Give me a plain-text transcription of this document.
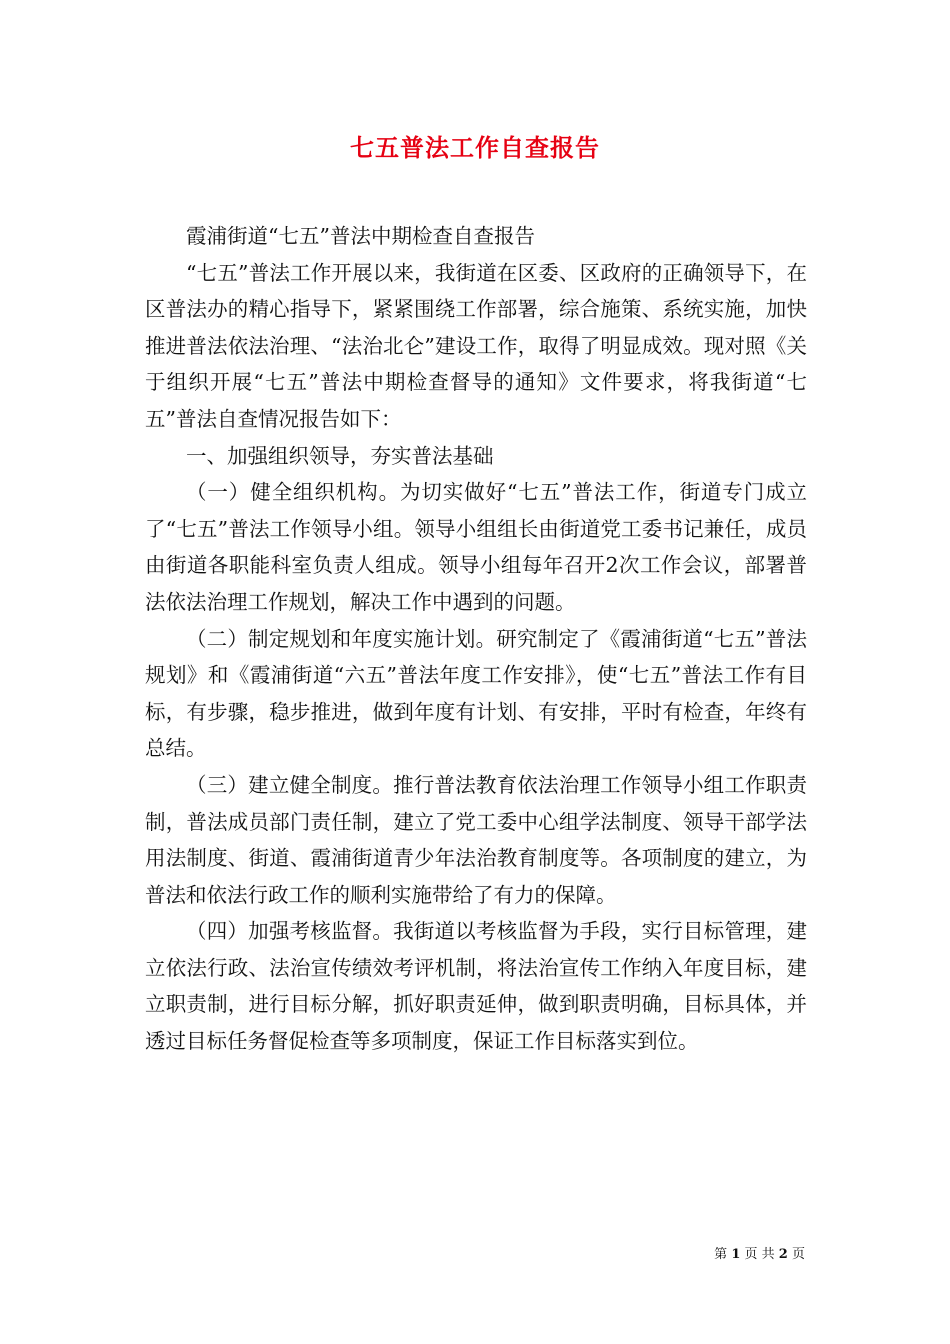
七五普法工作自查报告

霞浦街道“七五”普法中期检查自查报告

“七五”普法工作开展以来，我街道在区委、区政府的正确领导下，在区普法办的精心指导下，紧紧围绕工作部署，综合施策、系统实施，加快推进普法依法治理、“法治北仑”建设工作，取得了明显成效。现对照《关于组织开展“七五”普法中期检查督导的通知》文件要求，将我街道“七五”普法自查情况报告如下：

一、加强组织领导，夯实普法基础

（一）健全组织机构。为切实做好“七五”普法工作，街道专门成立了“七五”普法工作领导小组。领导小组组长由街道党工委书记兼任，成员由街道各职能科室负责人组成。领导小组每年召开2次工作会议，部署普法依法治理工作规划，解决工作中遇到的问题。

（二）制定规划和年度实施计划。研究制定了《霞浦街道“七五”普法规划》和《霞浦街道“六五”普法年度工作安排》，使“七五”普法工作有目标，有步骤，稳步推进，做到年度有计划、有安排，平时有检查，年终有总结。

（三）建立健全制度。推行普法教育依法治理工作领导小组工作职责制，普法成员部门责任制，建立了党工委中心组学法制度、领导干部学法用法制度、街道、霞浦街道青少年法治教育制度等。各项制度的建立，为普法和依法行政工作的顺利实施带给了有力的保障。

（四）加强考核监督。我街道以考核监督为手段，实行目标管理，建立依法行政、法治宣传绩效考评机制，将法治宣传工作纳入年度目标，建立职责制，进行目标分解，抓好职责延伸，做到职责明确，目标具体，并透过目标任务督促检查等多项制度，保证工作目标落实到位。

第 1 页 共 2 页
